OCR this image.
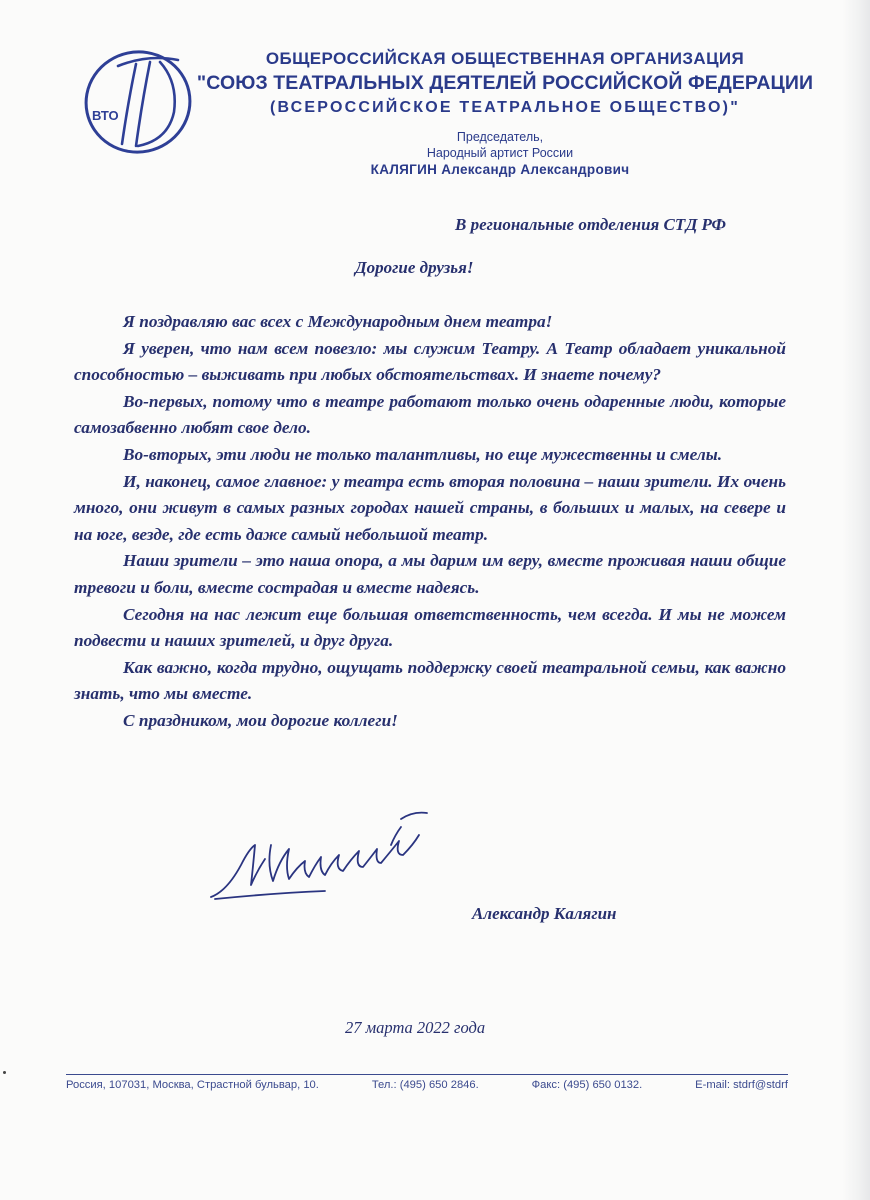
ВТО
ОБЩЕРОССИЙСКАЯ ОБЩЕСТВЕННАЯ ОРГАНИЗАЦИЯ
"СОЮЗ ТЕАТРАЛЬНЫХ ДЕЯТЕЛЕЙ РОССИЙСКОЙ ФЕДЕРАЦИИ
(ВСЕРОССИЙСКОЕ ТЕАТРАЛЬНОЕ ОБЩЕСТВО)"
Председатель,
Народный артист России
КАЛЯГИН Александр Александрович
В региональные отделения СТД РФ
Дорогие друзья!

Я поздравляю вас всех с Международным днем театра!

Я уверен, что нам всем повезло: мы служим Театру. А Театр обладает уникальной способностью – выживать при любых обстоятельствах. И знаете почему?

Во-первых, потому что в театре работают только очень одаренные люди, которые самозабвенно любят свое дело.

Во-вторых, эти люди не только талантливы, но еще мужественны и смелы.

И, наконец, самое главное: у театра есть вторая половина – наши зрители. Их очень много, они живут в самых разных городах нашей страны, в больших и малых, на севере и на юге, везде, где есть даже самый небольшой театр.

Наши зрители – это наша опора, а мы дарим им веру, вместе проживая наши общие тревоги и боли, вместе сострадая и вместе надеясь.

Сегодня на нас лежит еще большая ответственность, чем всегда. И мы не можем подвести и наших зрителей, и друг друга.

Как важно, когда трудно, ощущать поддержку своей театральной семьи, как важно знать, что мы вместе.

С праздником, мои дорогие коллеги!

Александр Калягин
27 марта 2022 года
Россия, 107031, Москва, Страстной бульвар, 10.	Тел.: (495) 650 2846.	Факс: (495) 650 0132.	E-mail: stdrf@stdrf
